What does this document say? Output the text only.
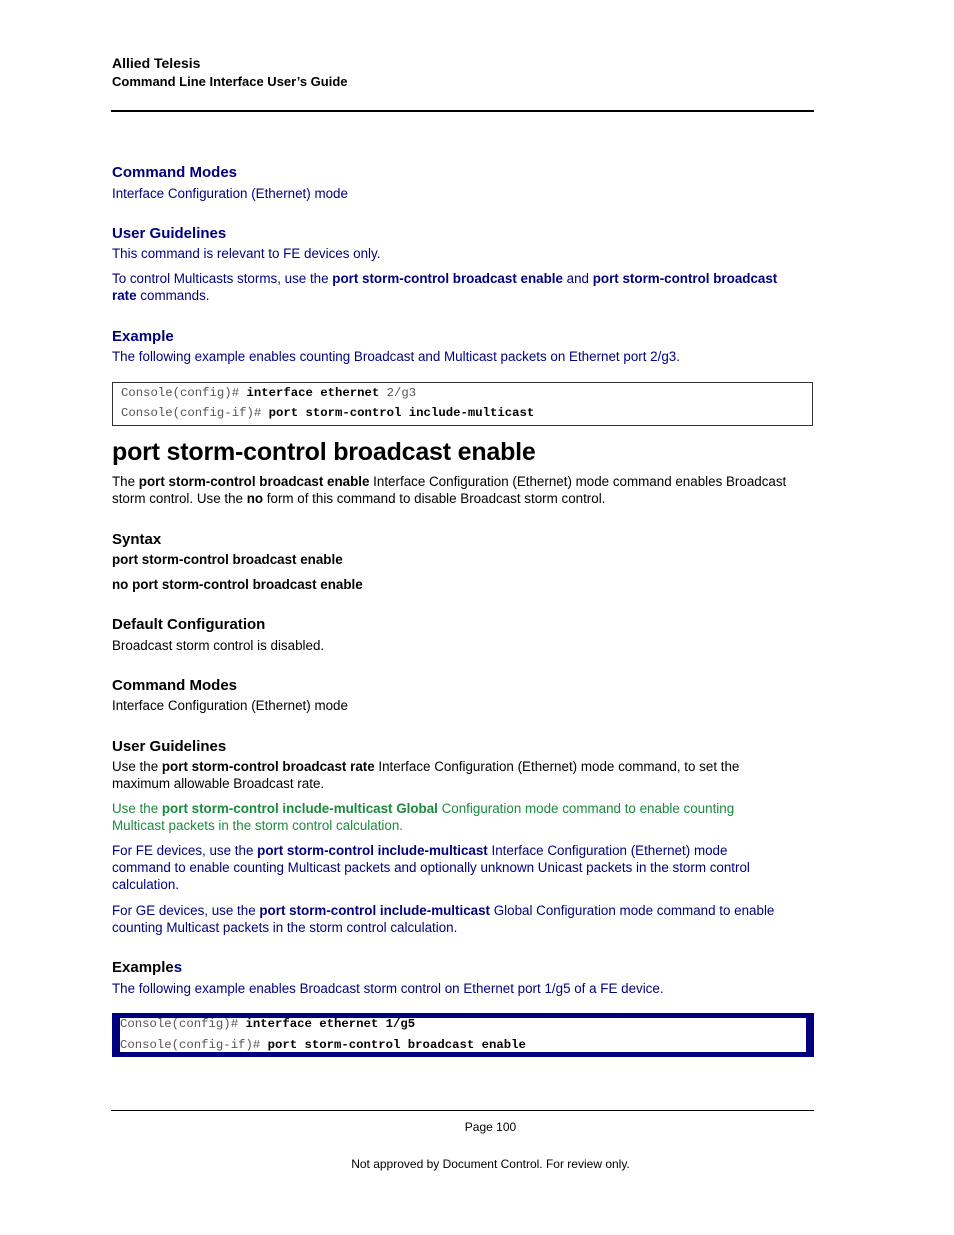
Allied Telesis
Command Line Interface User’s Guide
Command Modes
Interface Configuration (Ethernet) mode
User Guidelines
This command is relevant to FE devices only.
To control Multicasts storms, use the port storm-control broadcast enable and port storm-control broadcast
rate commands.
Example
The following example enables counting Broadcast and Multicast packets on Ethernet port 2/g3.
Console(config)# interface ethernet 2/g3
Console(config-if)# port storm-control include-multicast
port storm-control broadcast enable
The port storm-control broadcast enable Interface Configuration (Ethernet) mode command enables Broadcast
storm control. Use the no form of this command to disable Broadcast storm control.
Syntax
port storm-control broadcast enable
no port storm-control broadcast enable
Default Configuration
Broadcast storm control is disabled.
Command Modes
Interface Configuration (Ethernet) mode
User Guidelines
Use the port storm-control broadcast rate Interface Configuration (Ethernet) mode command, to set the
maximum allowable Broadcast rate.
Use the port storm-control include-multicast Global Configuration mode command to enable counting
Multicast packets in the storm control calculation.
For FE devices, use the port storm-control include-multicast Interface Configuration (Ethernet) mode
command to enable counting Multicast packets and optionally unknown Unicast packets in the storm control
calculation.
For GE devices, use the port storm-control include-multicast Global Configuration mode command to enable
counting Multicast packets in the storm control calculation.
Examples
The following example enables Broadcast storm control on Ethernet port 1/g5 of a FE device.
Console(config)# interface ethernet 1/g5
Console(config-if)# port storm-control broadcast enable
Page 100
Not approved by Document Control. For review only.
